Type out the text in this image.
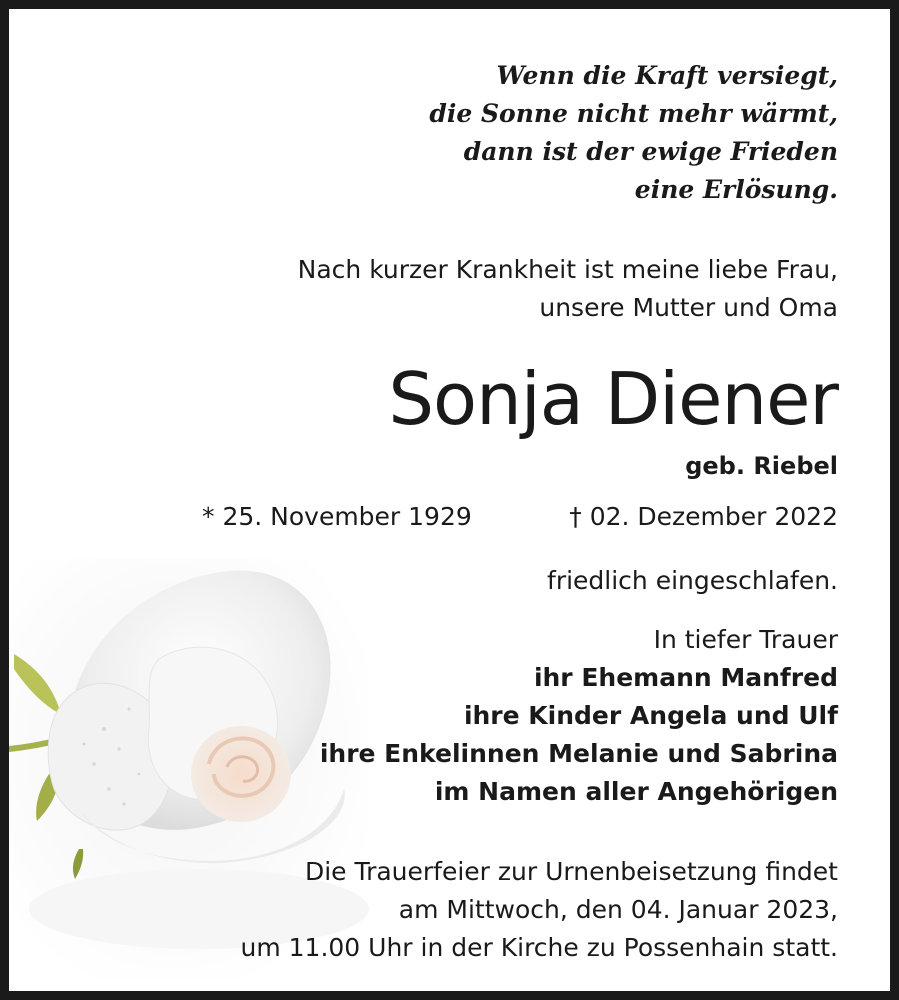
Wenn die Kraft versiegt,
die Sonne nicht mehr wärmt,
dann ist der ewige Frieden
eine Erlösung.
Nach kurzer Krankheit ist meine liebe Frau,
unsere Mutter und Oma
Sonja Diener
geb. Riebel
* 25. November 1929	† 02. Dezember 2022
friedlich eingeschlafen.
In tiefer Trauer
ihr Ehemann Manfred
ihre Kinder Angela und Ulf
ihre Enkelinnen Melanie und Sabrina
im Namen aller Angehörigen
Die Trauerfeier zur Urnenbeisetzung findet
am Mittwoch, den 04. Januar 2023,
um 11.00 Uhr in der Kirche zu Possenhain statt.
